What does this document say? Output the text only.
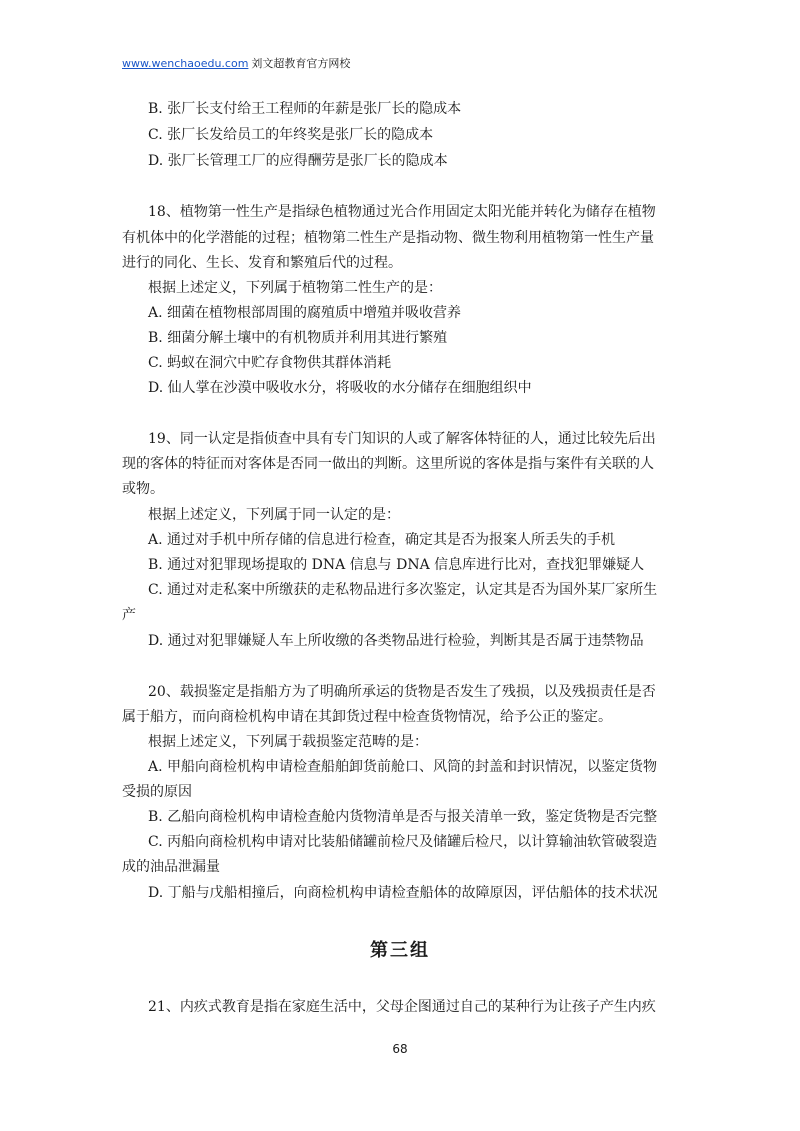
www.wenchaoedu.com 刘文超教育官方网校
B. 张厂长支付给王工程师的年薪是张厂长的隐成本
C. 张厂长发给员工的年终奖是张厂长的隐成本
D. 张厂长管理工厂的应得酬劳是张厂长的隐成本
18、植物第一性生产是指绿色植物通过光合作用固定太阳光能并转化为储存在植物
有机体中的化学潜能的过程；植物第二性生产是指动物、微生物利用植物第一性生产量
进行的同化、生长、发育和繁殖后代的过程。
根据上述定义，下列属于植物第二性生产的是：
A. 细菌在植物根部周围的腐殖质中增殖并吸收营养
B. 细菌分解土壤中的有机物质并利用其进行繁殖
C. 蚂蚁在洞穴中贮存食物供其群体消耗
D. 仙人掌在沙漠中吸收水分，将吸收的水分储存在细胞组织中
19、同一认定是指侦查中具有专门知识的人或了解客体特征的人，通过比较先后出
现的客体的特征而对客体是否同一做出的判断。这里所说的客体是指与案件有关联的人
或物。
根据上述定义，下列属于同一认定的是：
A. 通过对手机中所存储的信息进行检查，确定其是否为报案人所丢失的手机
B. 通过对犯罪现场提取的 DNA 信息与 DNA 信息库进行比对，查找犯罪嫌疑人
C. 通过对走私案中所缴获的走私物品进行多次鉴定，认定其是否为国外某厂家所生
产
D. 通过对犯罪嫌疑人车上所收缴的各类物品进行检验，判断其是否属于违禁物品
20、载损鉴定是指船方为了明确所承运的货物是否发生了残损，以及残损责任是否
属于船方，而向商检机构申请在其卸货过程中检查货物情况，给予公正的鉴定。
根据上述定义，下列属于载损鉴定范畴的是：
A. 甲船向商检机构申请检查船舶卸货前舱口、风筒的封盖和封识情况，以鉴定货物
受损的原因
B. 乙船向商检机构申请检查舱内货物清单是否与报关清单一致，鉴定货物是否完整
C. 丙船向商检机构申请对比装船储罐前检尺及储罐后检尺，以计算输油软管破裂造
成的油品泄漏量
D. 丁船与戊船相撞后，向商检机构申请检查船体的故障原因，评估船体的技术状况
第三组
21、内疚式教育是指在家庭生活中，父母企图通过自己的某种行为让孩子产生内疚
68
